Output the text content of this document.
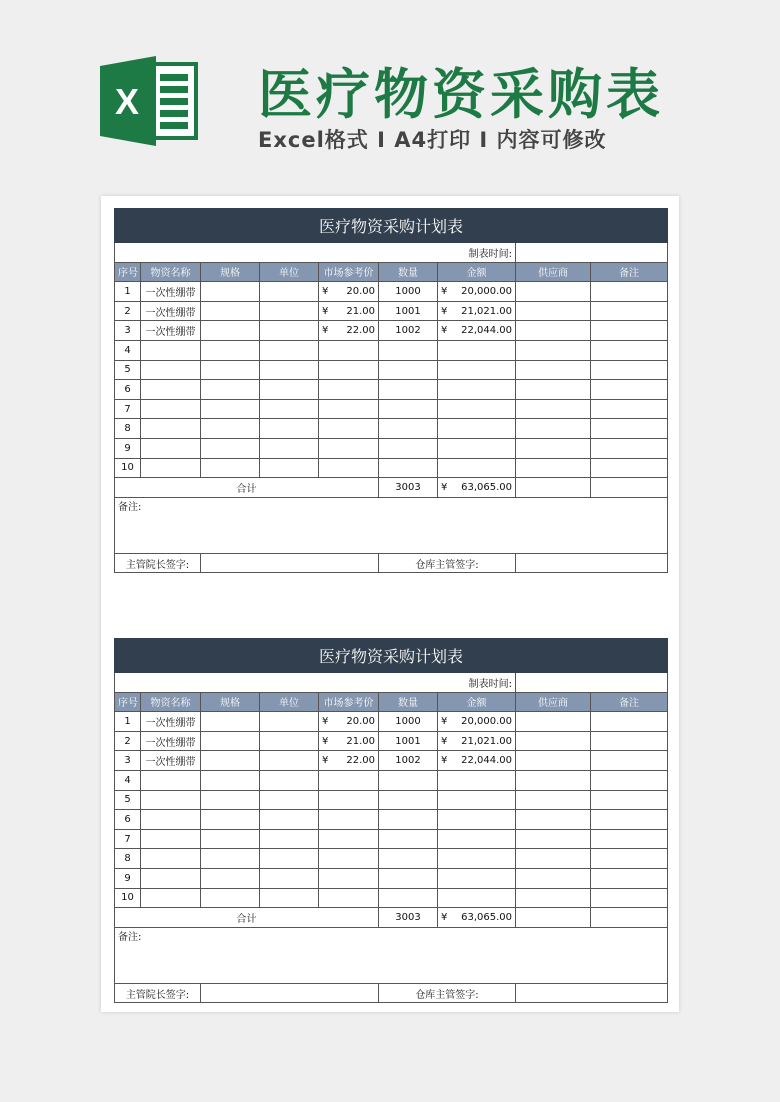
X 医疗物资采购表
Excel格式 I A4打印 I 内容可修改
医疗物资采购计划表								
制表时间:								
序号	物资名称	规格	单位	市场参考价	数量	金额	供应商	备注
1	一次性绷带			¥ 20.00	1000	¥ 20,000.00		

2	一次性绷带			¥ 21.00	1001	¥ 21,021.00		

3	一次性绷带			¥ 22.00	1002	¥ 22,044.00		

4								
5								
6								
7								
8								
9								
10								
合计					3003	¥ 63,065.00		

备注:								
主管院长签字:					仓库主管签字:			
医疗物资采购计划表								
制表时间:								
序号	物资名称	规格	单位	市场参考价	数量	金额	供应商	备注
1	一次性绷带			¥ 20.00	1000	¥ 20,000.00		

2	一次性绷带			¥ 21.00	1001	¥ 21,021.00		

3	一次性绷带			¥ 22.00	1002	¥ 22,044.00		

4								
5								
6								
7								
8								
9								
10								
合计					3003	¥ 63,065.00		

备注:								
主管院长签字:					仓库主管签字:			
